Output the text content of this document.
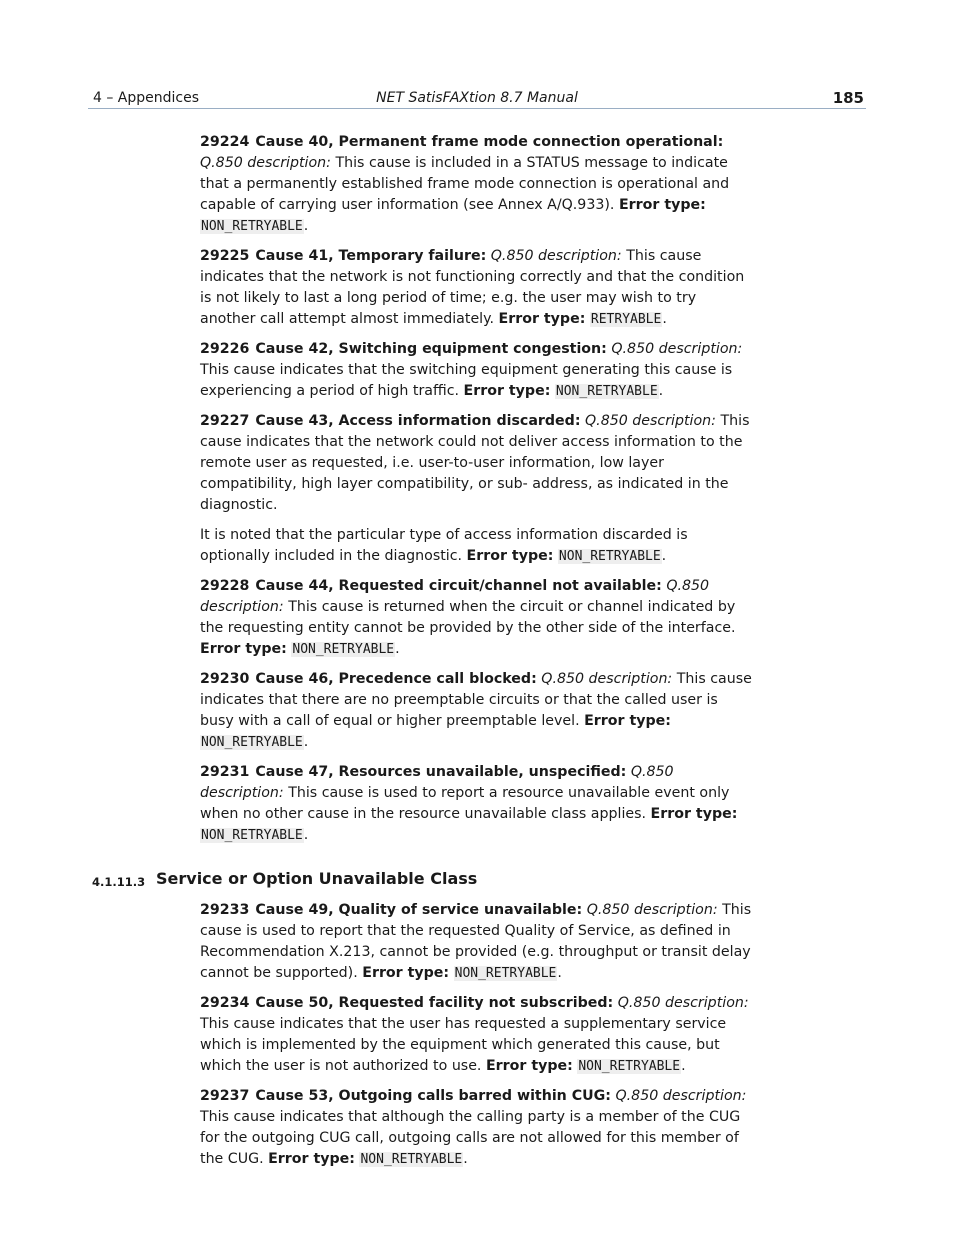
4 – Appendices	NET SatisFAXtion 8.7 Manual	185

29224 Cause 40, Permanent frame mode connection operational: Q.850 description: This cause is included in a STATUS message to indicate that a permanently established frame mode connection is operational and capable of carrying user information (see Annex A/Q.933). Error type: NON_RETRYABLE.

29225 Cause 41, Temporary failure: Q.850 description: This cause indicates that the network is not functioning correctly and that the condition is not likely to last a long period of time; e.g. the user may wish to try another call attempt almost immediately. Error type: RETRYABLE.

29226 Cause 42, Switching equipment congestion: Q.850 description: This cause indicates that the switching equipment generating this cause is experiencing a period of high traffic. Error type: NON_RETRYABLE.

29227 Cause 43, Access information discarded: Q.850 description: This cause indicates that the network could not deliver access information to the remote user as requested, i.e. user-to-user information, low layer compatibility, high layer compatibility, or sub- address, as indicated in the diagnostic.

It is noted that the particular type of access information discarded is optionally included in the diagnostic. Error type: NON_RETRYABLE.

29228 Cause 44, Requested circuit/channel not available: Q.850 description: This cause is returned when the circuit or channel indicated by the requesting entity cannot be provided by the other side of the interface. Error type: NON_RETRYABLE.

29230 Cause 46, Precedence call blocked: Q.850 description: This cause indicates that there are no preemptable circuits or that the called user is busy with a call of equal or higher preemptable level. Error type: NON_RETRYABLE.

29231 Cause 47, Resources unavailable, unspecified: Q.850 description: This cause is used to report a resource unavailable event only when no other cause in the resource unavailable class applies. Error type: NON_RETRYABLE.

4.1.11.3 Service or Option Unavailable Class

29233 Cause 49, Quality of service unavailable: Q.850 description: This cause is used to report that the requested Quality of Service, as defined in Recommendation X.213, cannot be provided (e.g. throughput or transit delay cannot be supported). Error type: NON_RETRYABLE.

29234 Cause 50, Requested facility not subscribed: Q.850 description: This cause indicates that the user has requested a supplementary service which is implemented by the equipment which generated this cause, but which the user is not authorized to use. Error type: NON_RETRYABLE.

29237 Cause 53, Outgoing calls barred within CUG: Q.850 description: This cause indicates that although the calling party is a member of the CUG for the outgoing CUG call, outgoing calls are not allowed for this member of the CUG. Error type: NON_RETRYABLE.
